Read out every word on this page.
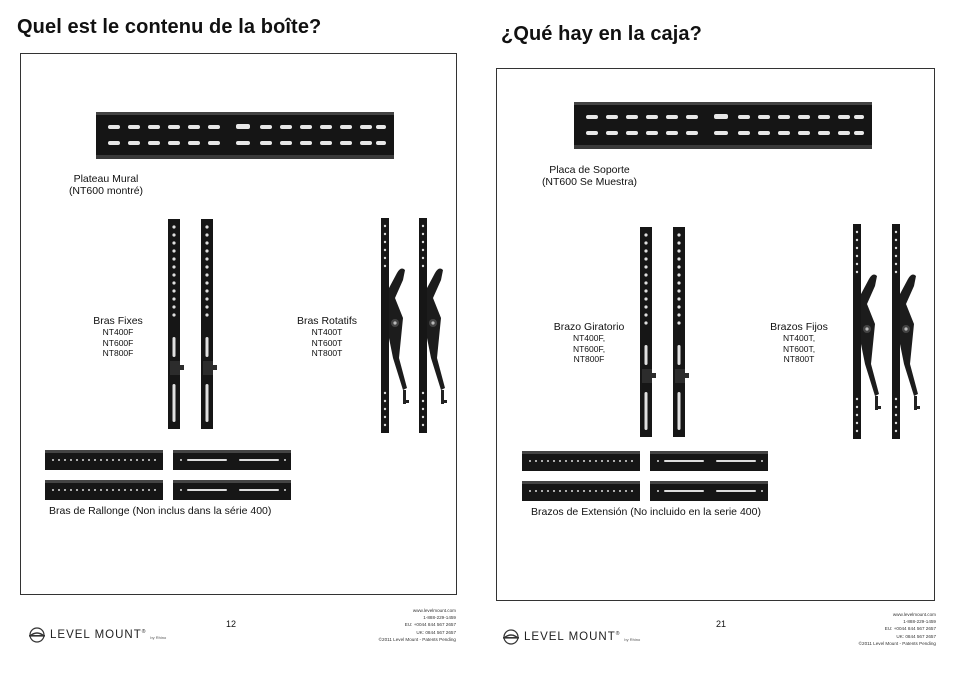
Quel est le contenu de la boîte?
Plateau Mural
(NT600 montré)
Bras Fixes
NT400F
NT600F
NT800F
Bras Rotatifs
NT400T
NT600T
NT800T
Bras de Rallonge (Non inclus dans la série 400)
LEVEL MOUNT®
by Rhino
12
www.levelmount.com
1-888-229-1459
EU: +0044 844 567 2657
UK: 0844 567 2657
©2011 Level Mount - Patents Pending
¿Qué hay en la caja?
Placa de Soporte
(NT600 Se Muestra)
Brazo Giratorio
NT400F,
NT600F,
NT800F
Brazos Fijos
NT400T,
NT600T,
NT800T
Brazos de Extensión (No incluido en la serie 400)
LEVEL MOUNT®
by Rhino
21
www.levelmount.com
1-888-229-1459
EU: +0044 844 567 2657
UK: 0844 567 2657
©2011 Level Mount - Patents Pending
